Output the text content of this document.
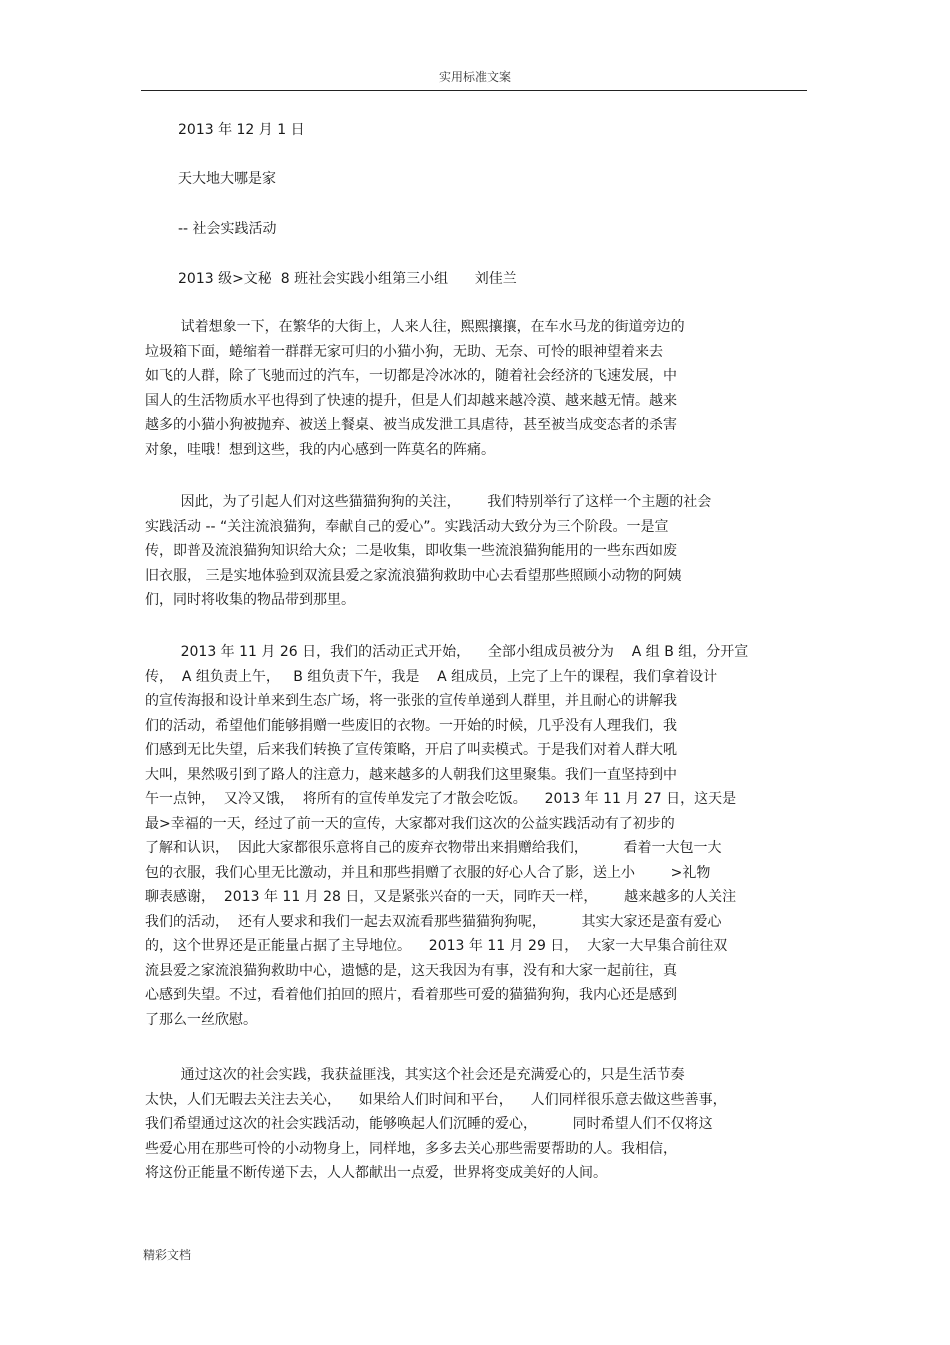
实用标准文案
2013 年 12 月 1 日
天大地大哪是家
-- 社会实践活动
2013 级>文秘  8 班社会实践小组第三小组      刘佳兰
试着想象一下，在繁华的大街上，人来人往，熙熙攘攘，在车水马龙的街道旁边的
垃圾箱下面，蜷缩着一群群无家可归的小猫小狗，无助、无奈、可怜的眼神望着来去
如飞的人群，除了飞驰而过的汽车，一切都是冷冰冰的，随着社会经济的飞速发展，中
国人的生活物质水平也得到了快速的提升，但是人们却越来越冷漠、越来越无情。越来
越多的小猫小狗被抛弃、被送上餐桌、被当成发泄工具虐待，甚至被当成变态者的杀害
对象，哇哦！想到这些，我的内心感到一阵莫名的阵痛。
因此，为了引起人们对这些猫猫狗狗的关注，      我们特别举行了这样一个主题的社会
实践活动 -- “关注流浪猫狗，奉献自己的爱心”。实践活动大致分为三个阶段。一是宣
传，即普及流浪猫狗知识给大众；二是收集，即收集一些流浪猫狗能用的一些东西如废
旧衣服， 三是实地体验到双流县爱之家流浪猫狗救助中心去看望那些照顾小动物的阿姨
们，同时将收集的物品带到那里。
2013 年 11 月 26 日，我们的活动正式开始，    全部小组成员被分为    A 组 B 组，分开宣
传，  A 组负责上午，   B 组负责下午，我是    A 组成员，上完了上午的课程，我们拿着设计
的宣传海报和设计单来到生态广场，将一张张的宣传单递到人群里，并且耐心的讲解我
们的活动，希望他们能够捐赠一些废旧的衣物。一开始的时候，几乎没有人理我们，我
们感到无比失望，后来我们转换了宣传策略，开启了叫卖模式。于是我们对着人群大吼
大叫，果然吸引到了路人的注意力，越来越多的人朝我们这里聚集。我们一直坚持到中
午一点钟，  又冷又饿，  将所有的宣传单发完了才散会吃饭。    2013 年 11 月 27 日，这天是
最>幸福的一天，经过了前一天的宣传，大家都对我们这次的公益实践活动有了初步的
了解和认识，  因此大家都很乐意将自己的废弃衣物带出来捐赠给我们，        看着一大包一大
包的衣服，我们心里无比激动，并且和那些捐赠了衣服的好心人合了影，送上小        >礼物
聊表感谢，  2013 年 11 月 28 日，又是紧张兴奋的一天，同昨天一样，      越来越多的人关注
我们的活动，  还有人要求和我们一起去双流看那些猫猫狗狗呢，        其实大家还是蛮有爱心
的，这个世界还是正能量占据了主导地位。    2013 年 11 月 29 日，  大家一大早集合前往双
流县爱之家流浪猫狗救助中心，遗憾的是，这天我因为有事，没有和大家一起前往，真
心感到失望。不过，看着他们拍回的照片，看着那些可爱的猫猫狗狗，我内心还是感到
了那么一丝欣慰。
通过这次的社会实践，我获益匪浅，其实这个社会还是充满爱心的，只是生活节奏
太快，人们无暇去关注去关心，    如果给人们时间和平台，    人们同样很乐意去做这些善事，
我们希望通过这次的社会实践活动，能够唤起人们沉睡的爱心，        同时希望人们不仅将这
些爱心用在那些可怜的小动物身上，同样地，多多去关心那些需要帮助的人。我相信，
将这份正能量不断传递下去，人人都献出一点爱，世界将变成美好的人间。
精彩文档
